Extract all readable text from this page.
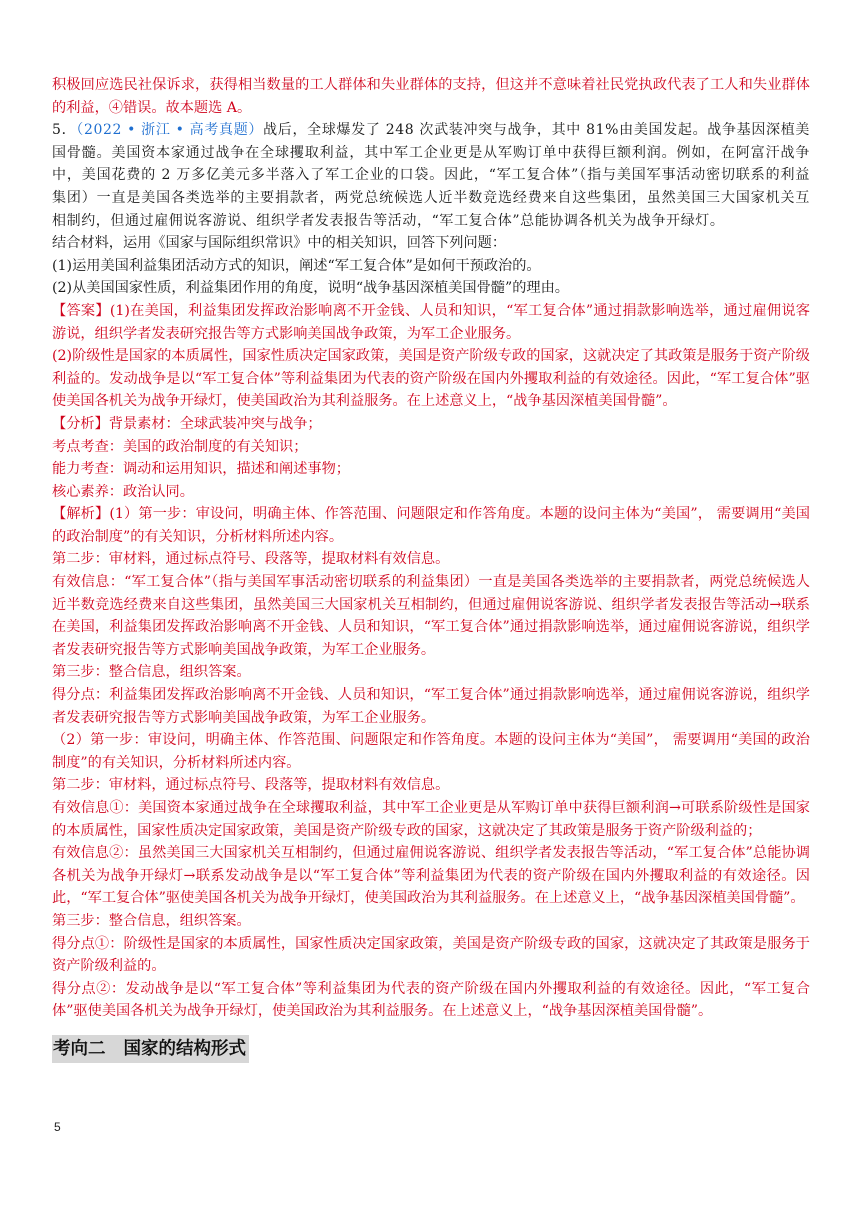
积极回应选民社保诉求，获得相当数量的工人群体和失业群体的支持，但这并不意味着社民党执政代表了工人和失业群体的利益，④错误。故本题选 A。

5．（2022 • 浙江 • 高考真题）战后，全球爆发了 248 次武装冲突与战争，其中 81%由美国发起。战争基因深植美国骨髓。美国资本家通过战争在全球攫取利益，其中军工企业更是从军购订单中获得巨额利润。例如，在阿富汗战争中，美国花费的 2 万多亿美元多半落入了军工企业的口袋。因此，“军工复合体”（指与美国军事活动密切联系的利益集团）一直是美国各类选举的主要捐款者，两党总统候选人近半数竞选经费来自这些集团，虽然美国三大国家机关互相制约，但通过雇佣说客游说、组织学者发表报告等活动，“军工复合体”总能协调各机关为战争开绿灯。

结合材料，运用《国家与国际组织常识》中的相关知识，回答下列问题：

(1)运用美国利益集团活动方式的知识，阐述“军工复合体”是如何干预政治的。

(2)从美国国家性质，利益集团作用的角度，说明“战争基因深植美国骨髓”的理由。

【答案】(1)在美国，利益集团发挥政治影响离不开金钱、人员和知识，“军工复合体”通过捐款影响选举，通过雇佣说客游说，组织学者发表研究报告等方式影响美国战争政策，为军工企业服务。

(2)阶级性是国家的本质属性，国家性质决定国家政策，美国是资产阶级专政的国家，这就决定了其政策是服务于资产阶级利益的。发动战争是以“军工复合体”等利益集团为代表的资产阶级在国内外攫取利益的有效途径。因此，“军工复合体”驱使美国各机关为战争开绿灯，使美国政治为其利益服务。在上述意义上，“战争基因深植美国骨髓”。

【分析】背景素材：全球武装冲突与战争；

考点考查：美国的政治制度的有关知识；

能力考查：调动和运用知识，描述和阐述事物；

核心素养：政治认同。

【解析】(1）第一步：审设问，明确主体、作答范围、问题限定和作答角度。本题的设问主体为“美国”， 需要调用“美国的政治制度”的有关知识，分析材料所述内容。

第二步：审材料，通过标点符号、段落等，提取材料有效信息。

有效信息：“军工复合体”（指与美国军事活动密切联系的利益集团）一直是美国各类选举的主要捐款者，两党总统候选人近半数竞选经费来自这些集团，虽然美国三大国家机关互相制约，但通过雇佣说客游说、组织学者发表报告等活动→联系在美国，利益集团发挥政治影响离不开金钱、人员和知识，“军工复合体”通过捐款影响选举，通过雇佣说客游说，组织学者发表研究报告等方式影响美国战争政策，为军工企业服务。

第三步：整合信息，组织答案。

得分点：利益集团发挥政治影响离不开金钱、人员和知识，“军工复合体”通过捐款影响选举，通过雇佣说客游说，组织学者发表研究报告等方式影响美国战争政策，为军工企业服务。

（2）第一步：审设问，明确主体、作答范围、问题限定和作答角度。本题的设问主体为“美国”， 需要调用“美国的政治制度”的有关知识，分析材料所述内容。

第二步：审材料，通过标点符号、段落等，提取材料有效信息。

有效信息①：美国资本家通过战争在全球攫取利益，其中军工企业更是从军购订单中获得巨额利润→可联系阶级性是国家的本质属性，国家性质决定国家政策，美国是资产阶级专政的国家，这就决定了其政策是服务于资产阶级利益的；

有效信息②：虽然美国三大国家机关互相制约，但通过雇佣说客游说、组织学者发表报告等活动，“军工复合体”总能协调各机关为战争开绿灯→联系发动战争是以“军工复合体”等利益集团为代表的资产阶级在国内外攫取利益的有效途径。因此，“军工复合体”驱使美国各机关为战争开绿灯，使美国政治为其利益服务。在上述意义上，“战争基因深植美国骨髓”。

第三步：整合信息，组织答案。

得分点①：阶级性是国家的本质属性，国家性质决定国家政策，美国是资产阶级专政的国家，这就决定了其政策是服务于资产阶级利益的。

得分点②：发动战争是以“军工复合体”等利益集团为代表的资产阶级在国内外攫取利益的有效途径。因此，“军工复合体”驱使美国各机关为战争开绿灯，使美国政治为其利益服务。在上述意义上，“战争基因深植美国骨髓”。

考向二 国家的结构形式
5
